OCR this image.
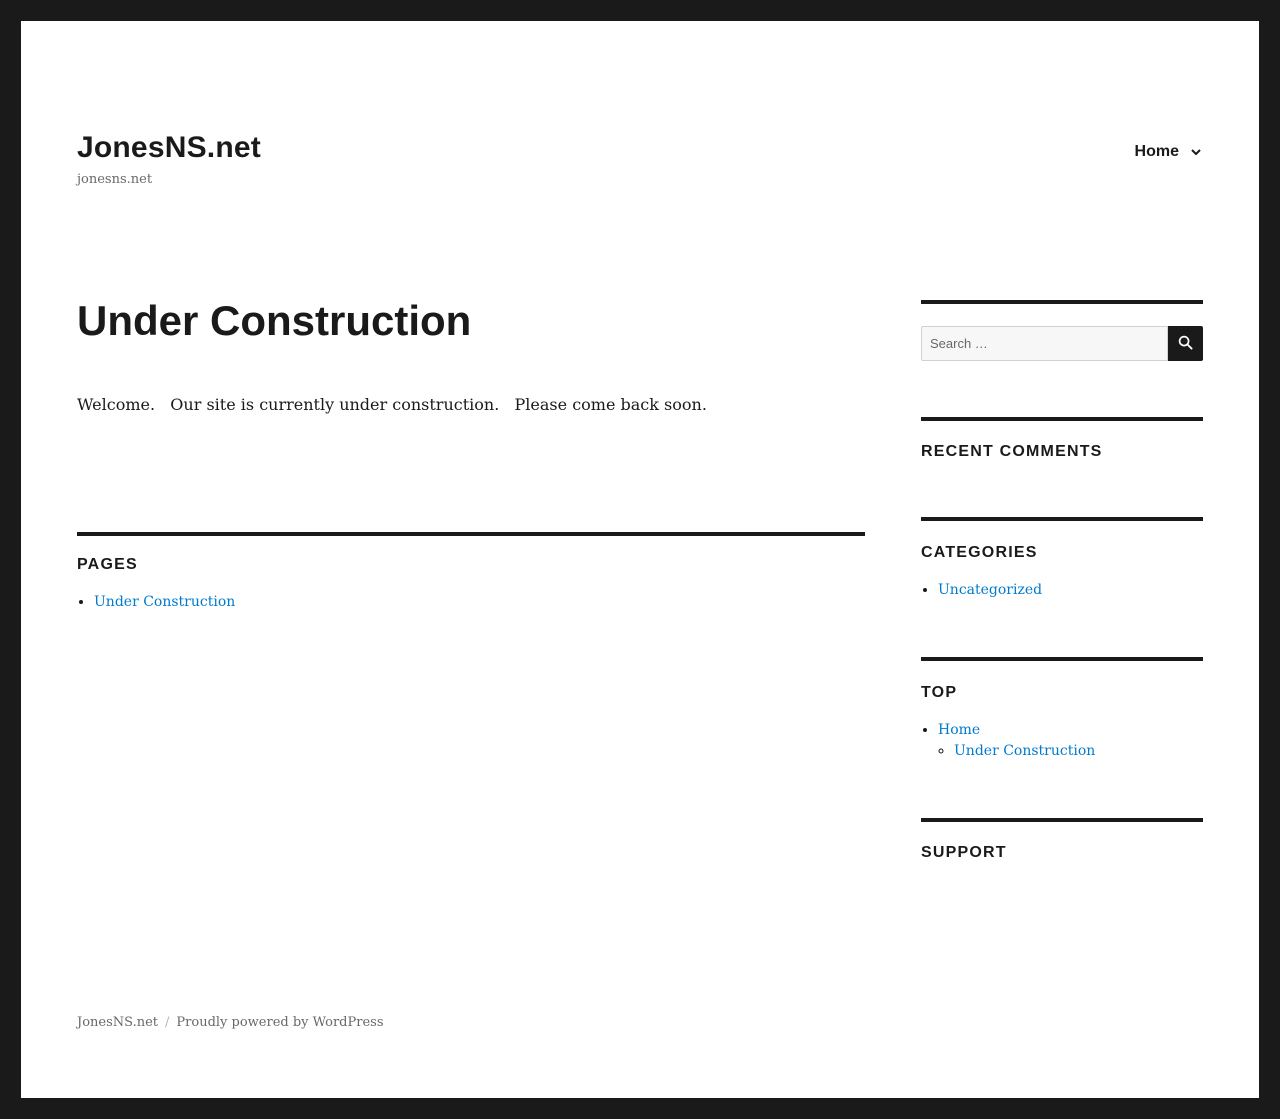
JonesNS.net
jonesns.net
Home
Under Construction
Welcome.   Our site is currently under construction.   Please come back soon.
PAGES
• Under Construction
Search …
RECENT COMMENTS
CATEGORIES
• Uncategorized
TOP
• Home
◦ Under Construction
SUPPORT
JonesNS.net / Proudly powered by WordPress
